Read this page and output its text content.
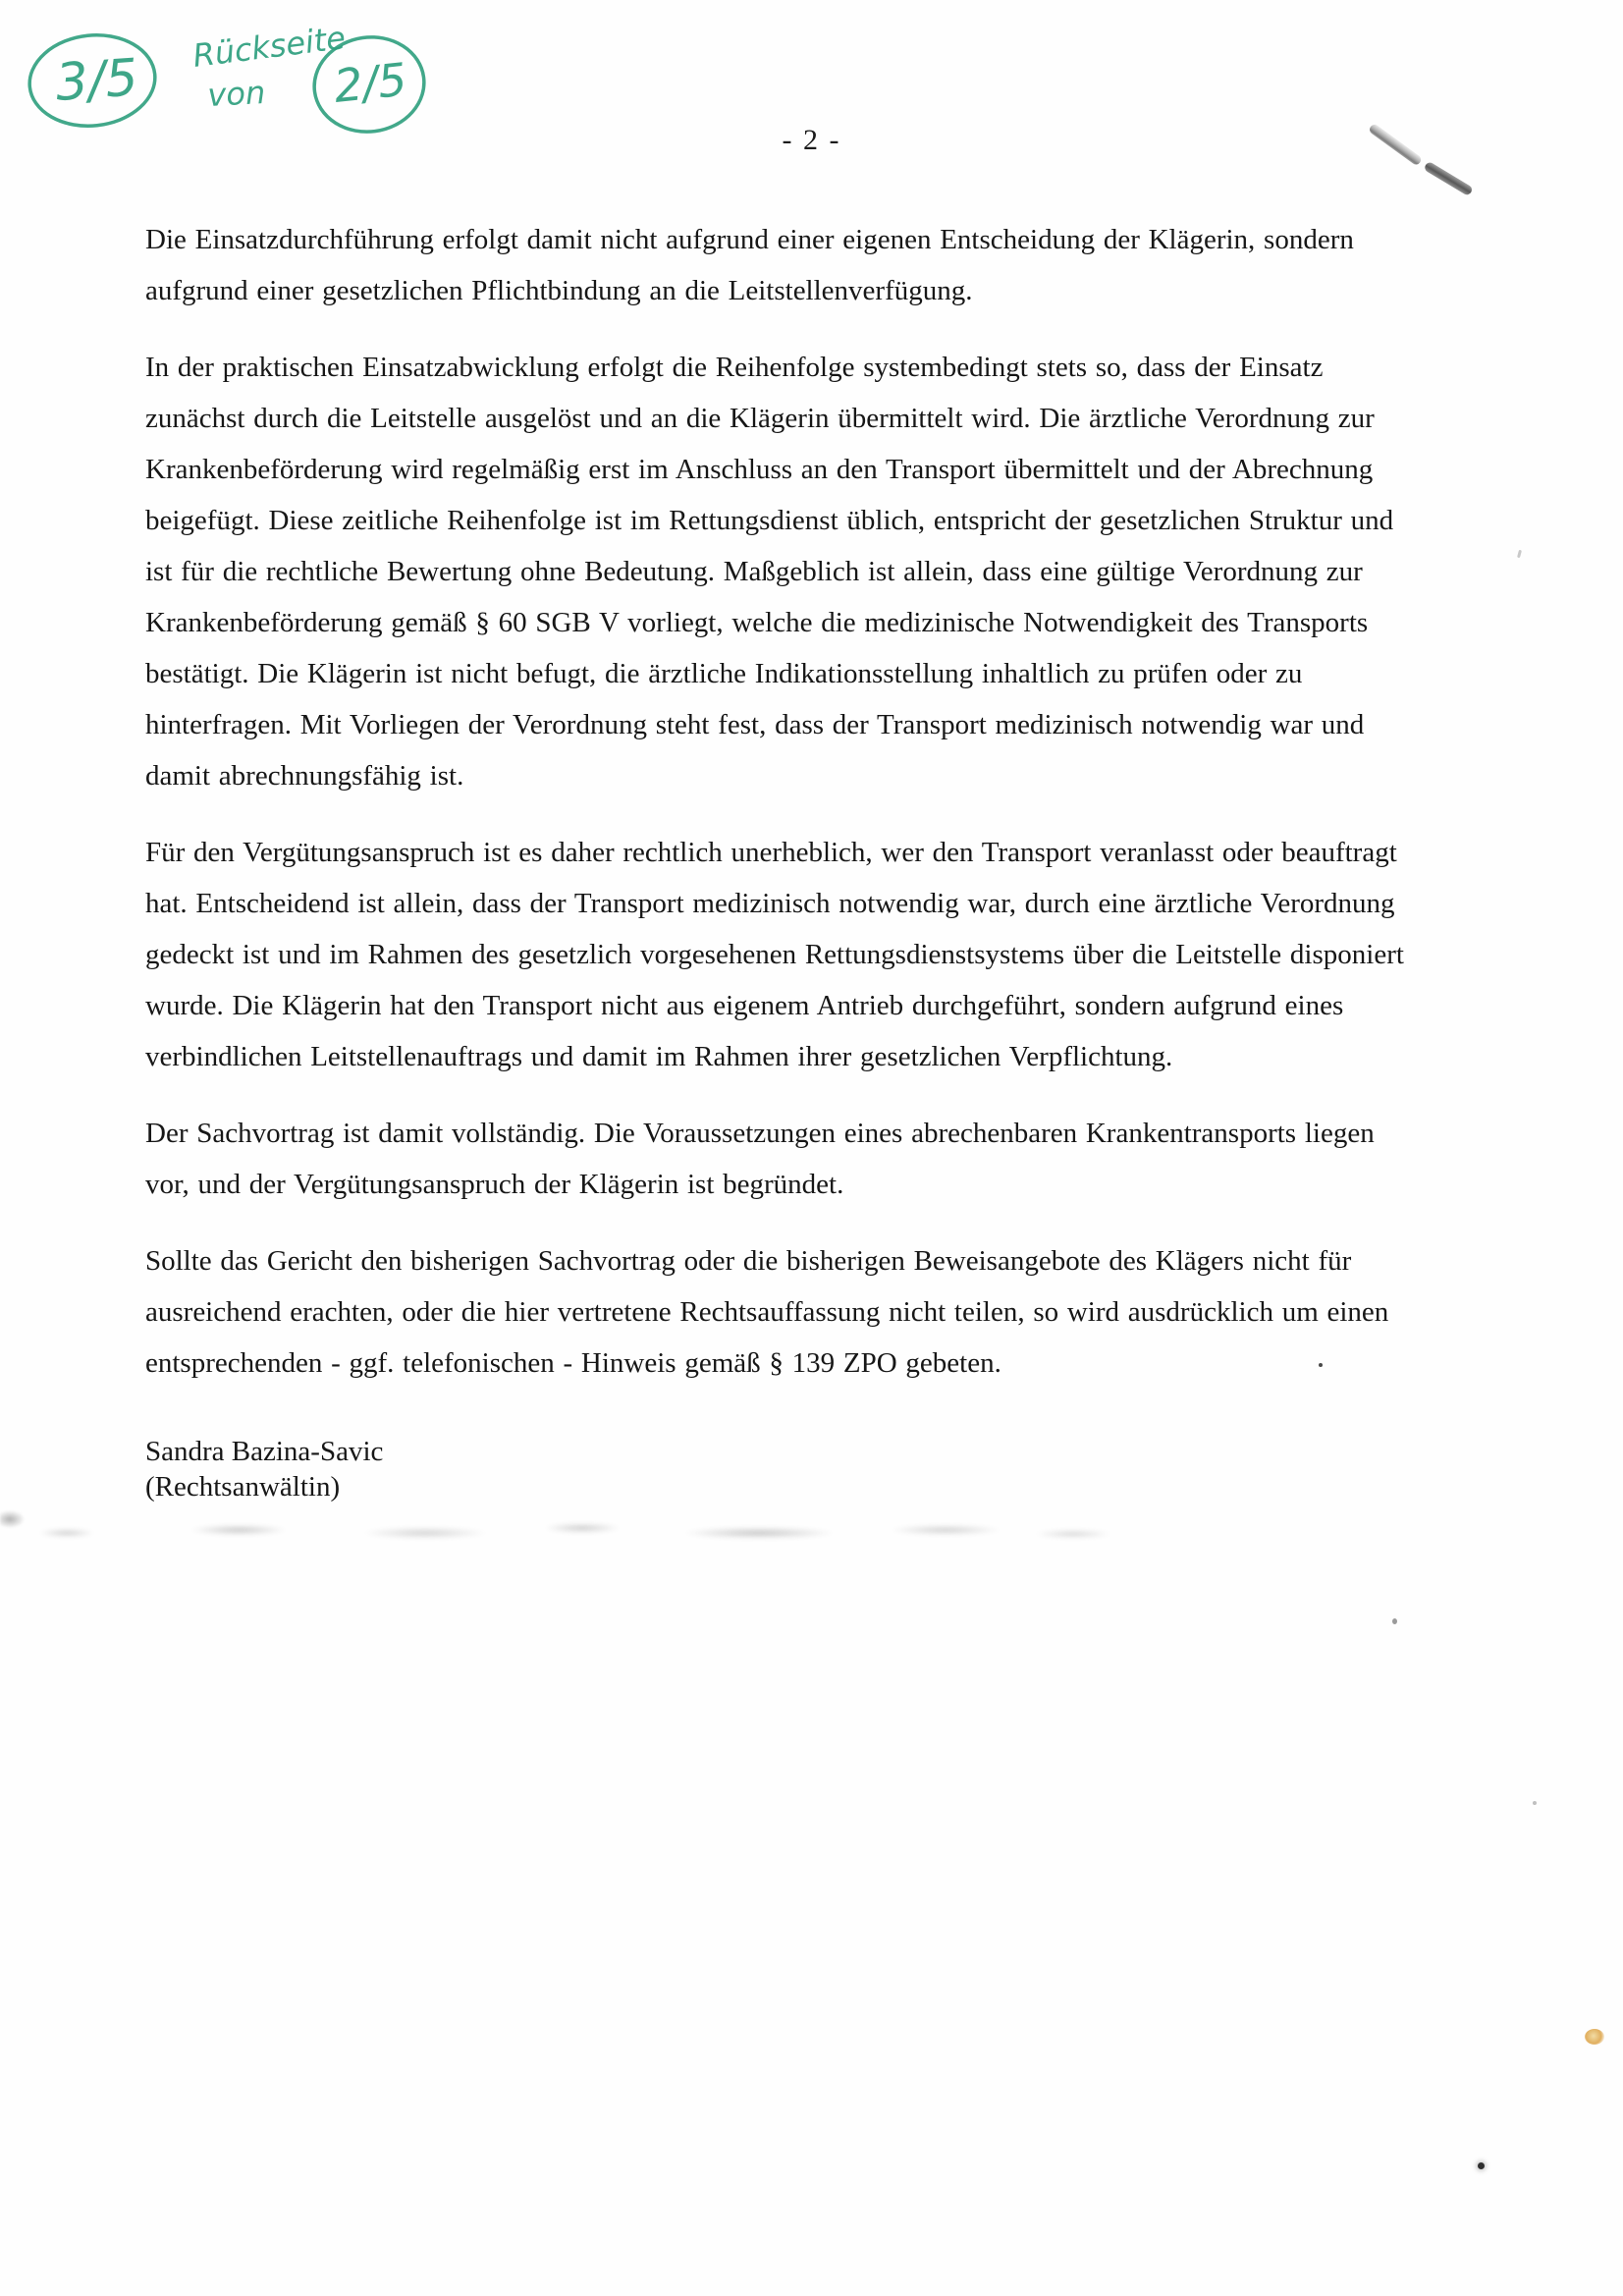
3/5
Rückseite
von 2/5
- 2 -

Die Einsatzdurchführung erfolgt damit nicht aufgrund einer eigenen Entscheidung der Klägerin, sondern
aufgrund einer gesetzlichen Pflichtbindung an die Leitstellenverfügung.

In der praktischen Einsatzabwicklung erfolgt die Reihenfolge systembedingt stets so, dass der Einsatz
zunächst durch die Leitstelle ausgelöst und an die Klägerin übermittelt wird. Die ärztliche Verordnung zur
Krankenbeförderung wird regelmäßig erst im Anschluss an den Transport übermittelt und der Abrechnung
beigefügt. Diese zeitliche Reihenfolge ist im Rettungsdienst üblich, entspricht der gesetzlichen Struktur und
ist für die rechtliche Bewertung ohne Bedeutung. Maßgeblich ist allein, dass eine gültige Verordnung zur
Krankenbeförderung gemäß § 60 SGB V vorliegt, welche die medizinische Notwendigkeit des Transports
bestätigt. Die Klägerin ist nicht befugt, die ärztliche Indikationsstellung inhaltlich zu prüfen oder zu
hinterfragen. Mit Vorliegen der Verordnung steht fest, dass der Transport medizinisch notwendig war und
damit abrechnungsfähig ist.

Für den Vergütungsanspruch ist es daher rechtlich unerheblich, wer den Transport veranlasst oder beauftragt
hat. Entscheidend ist allein, dass der Transport medizinisch notwendig war, durch eine ärztliche Verordnung
gedeckt ist und im Rahmen des gesetzlich vorgesehenen Rettungsdienstsystems über die Leitstelle disponiert
wurde. Die Klägerin hat den Transport nicht aus eigenem Antrieb durchgeführt, sondern aufgrund eines
verbindlichen Leitstellenauftrags und damit im Rahmen ihrer gesetzlichen Verpflichtung.

Der Sachvortrag ist damit vollständig. Die Voraussetzungen eines abrechenbaren Krankentransports liegen
vor, und der Vergütungsanspruch der Klägerin ist begründet.

Sollte das Gericht den bisherigen Sachvortrag oder die bisherigen Beweisangebote des Klägers nicht für
ausreichend erachten, oder die hier vertretene Rechtsauffassung nicht teilen, so wird ausdrücklich um einen
entsprechenden - ggf. telefonischen - Hinweis gemäß § 139 ZPO gebeten.

Sandra Bazina-Savic
(Rechtsanwältin)
